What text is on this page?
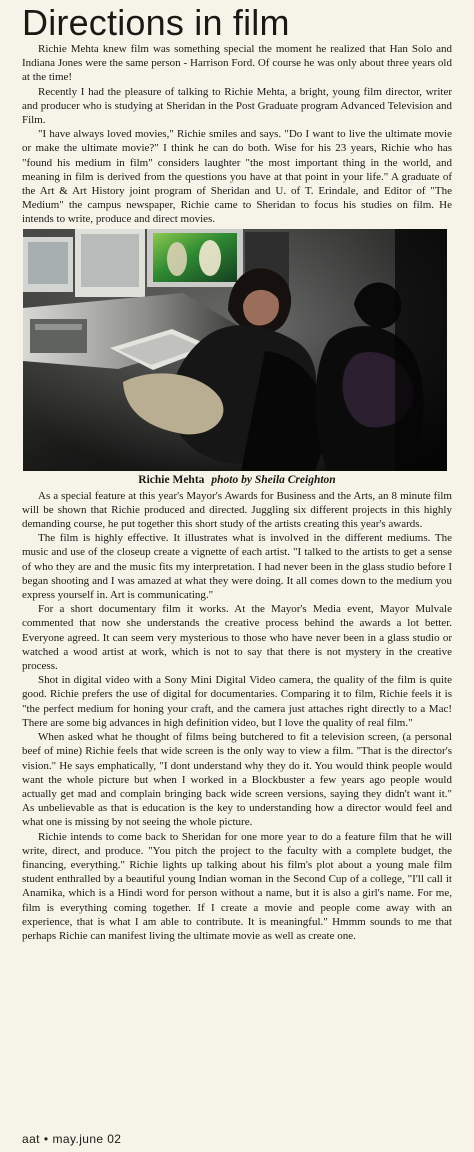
Directions in film

Richie Mehta knew film was something special the moment he realized that Han Solo and Indiana Jones were the same person - Harrison Ford. Of course he was only about three years old at the time!

Recently I had the pleasure of talking to Richie Mehta, a bright, young film director, writer and producer who is studying at Sheridan in the Post Graduate program Advanced Television and Film.

"I have always loved movies," Richie smiles and says. "Do I want to live the ultimate movie or make the ultimate movie?" I think he can do both. Wise for his 23 years, Richie who has "found his medium in film" considers laughter "the most important thing in the world, and meaning in film is derived from the questions you have at that point in your life." A graduate of the Art & Art History joint program of Sheridan and U. of T. Erindale, and Editor of "The Medium" the campus newspaper, Richie came to Sheridan to focus his studies on film. He intends to write, produce and direct movies.

Richie Mehta photo by Sheila Creighton

As a special feature at this year's Mayor's Awards for Business and the Arts, an 8 minute film will be shown that Richie produced and directed. Juggling six different projects in this highly demanding course, he put together this short study of the artists creating this year's awards.

The film is highly effective. It illustrates what is involved in the different mediums. The music and use of the closeup create a vignette of each artist. "I talked to the artists to get a sense of who they are and the music fits my interpretation. I had never been in the glass studio before I began shooting and I was amazed at what they were doing. It all comes down to the medium you express yourself in. Art is communicating."

For a short documentary film it works. At the Mayor's Media event, Mayor Mulvale commented that now she understands the creative process behind the awards a lot better. Everyone agreed. It can seem very mysterious to those who have never been in a glass studio or watched a wood artist at work, which is not to say that there is not mystery in the creative process.

Shot in digital video with a Sony Mini Digital Video camera, the quality of the film is quite good. Richie prefers the use of digital for documentaries. Comparing it to film, Richie feels it is "the perfect medium for honing your craft, and the camera just attaches right directly to a Mac! There are some big advances in high definition video, but I love the quality of real film."

When asked what he thought of films being butchered to fit a television screen, (a personal beef of mine) Richie feels that wide screen is the only way to view a film. "That is the director's vision." He says emphatically, "I dont understand why they do it. You would think people would want the whole picture but when I worked in a Blockbuster a few years ago people would actually get mad and complain bringing back wide screen versions, saying they didn't want it." As unbelievable as that is education is the key to understanding how a director would feel and what one is missing by not seeing the whole picture.

Richie intends to come back to Sheridan for one more year to do a feature film that he will write, direct, and produce. "You pitch the project to the faculty with a complete budget, the financing, everything." Richie lights up talking about his film's plot about a young male film student enthralled by a beautiful young Indian woman in the Second Cup of a college, "I'll call it Anamika, which is a Hindi word for person without a name, but it is also a girl's name. For me, film is everything coming together. If I create a movie and people come away with an experience, that is what I am able to contribute. It is meaningful." Hmmm sounds to me that perhaps Richie can manifest living the ultimate movie as well as create one.

aat • may.june 02
